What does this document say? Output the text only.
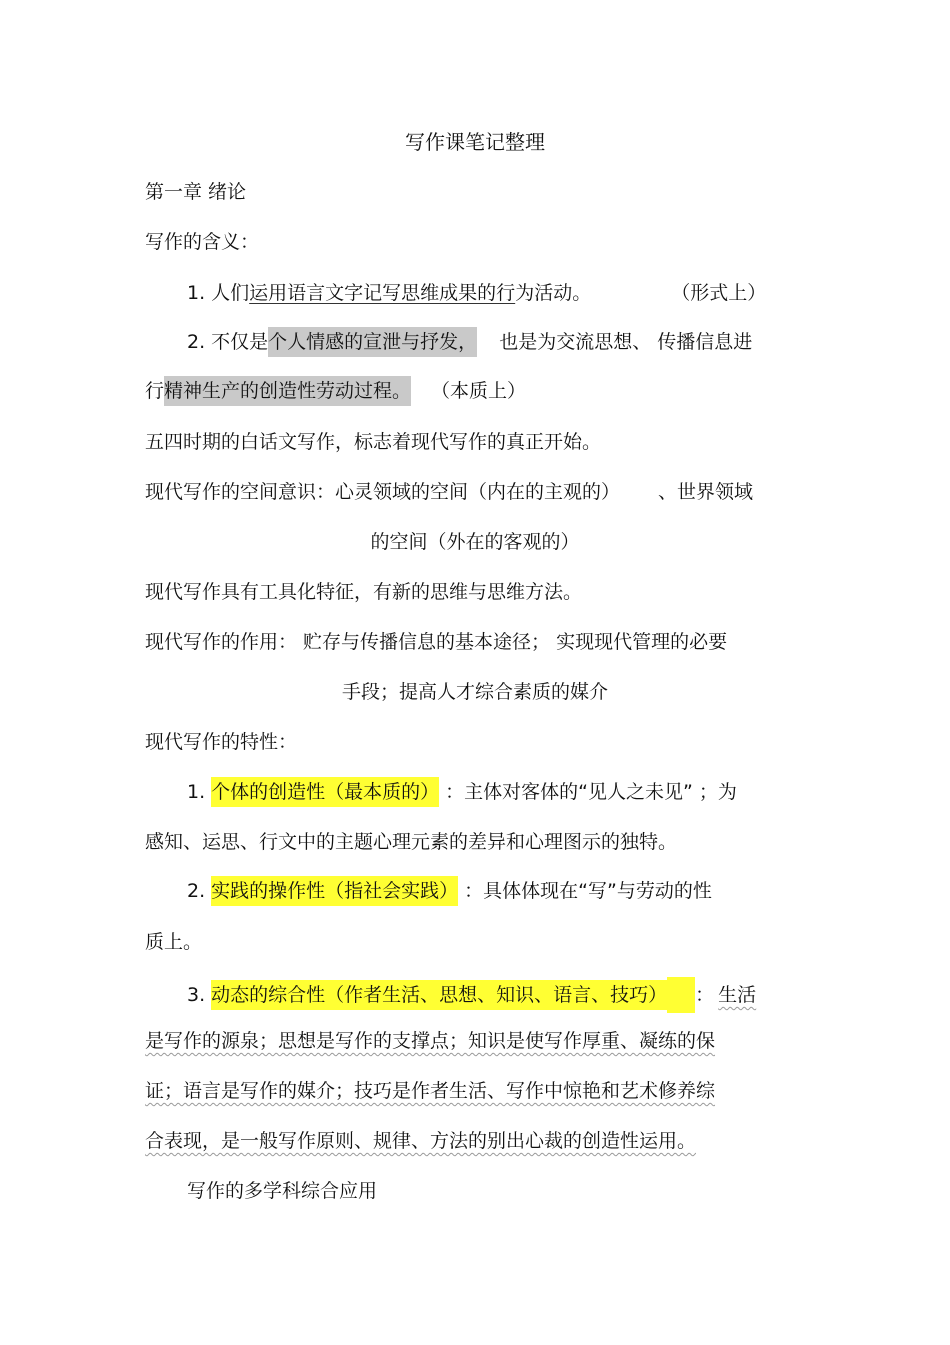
写作课笔记整理
第一章 绪论
写作的含义：
1. 人们运用语言文字记写思维成果的行为活动。	（形式上）
2. 不仅是个人情感的宣泄与抒发， 也是为交流思想、 传播信息进
行精神生产的创造性劳动过程。 （本质上）
五四时期的白话文写作，标志着现代写作的真正开始。
现代写作的空间意识：心灵领域的空间（内在的主观的） 、世界领域
的空间（外在的客观的）
现代写作具有工具化特征，有新的思维与思维方法。
现代写作的作用： 贮存与传播信息的基本途径； 实现现代管理的必要
手段；提高人才综合素质的媒介
现代写作的特性：
1. 个体的创造性（最本质的） ：主体对客体的“见人之未见” ；为
感知、运思、行文中的主题心理元素的差异和心理图示的独特。
2. 实践的操作性（指社会实践） ：具体体现在“写”与劳动的性
质上。
3. 动态的综合性（作者生活、思想、知识、语言、技巧） ： 生活
是写作的源泉；思想是写作的支撑点；知识是使写作厚重、凝练的保
证；语言是写作的媒介；技巧是作者生活、写作中惊艳和艺术修养综
合表现，是一般写作原则、规律、方法的别出心裁的创造性运用。
写作的多学科综合应用
